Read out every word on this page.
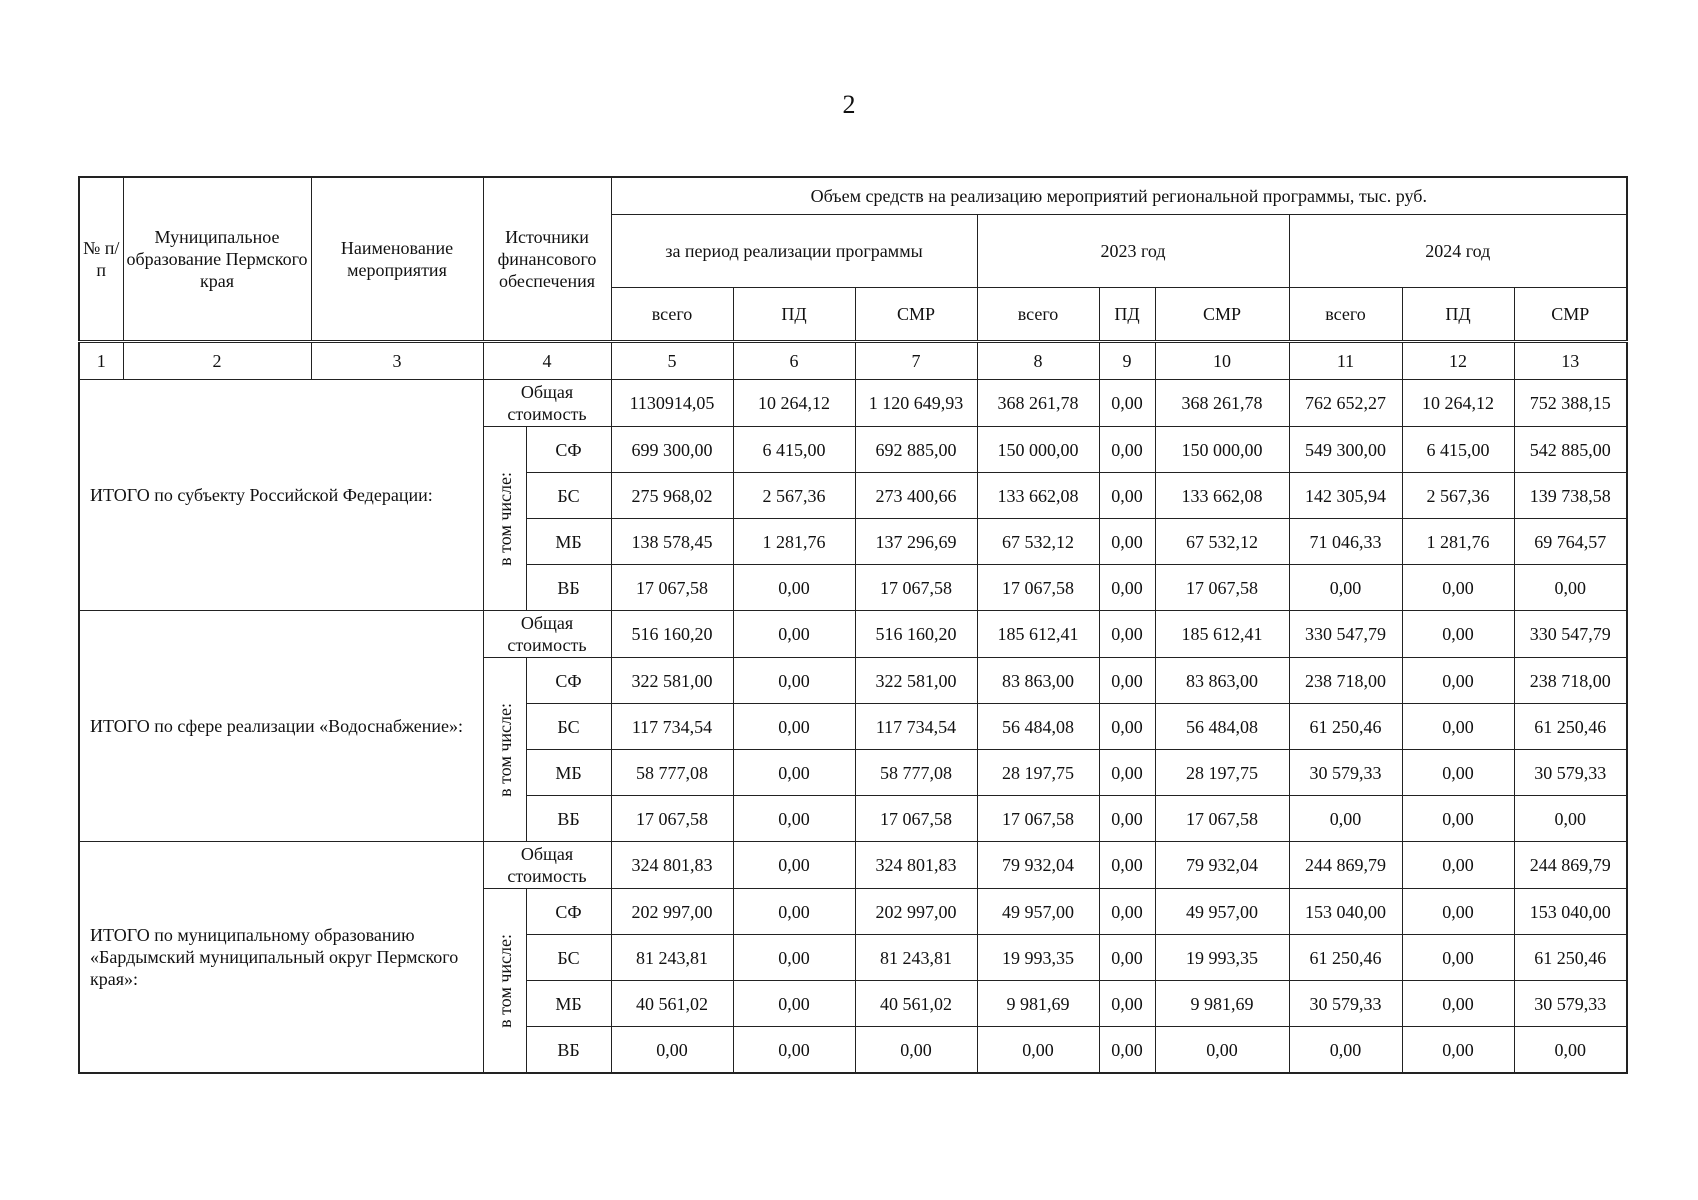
2
№ п/п	Муниципальное образование Пермского края	Наименование мероприятия	Источники финансового обеспечения		Объем средств на реализацию мероприятий региональной программы, тыс. руб.								
					за период реализации программы			2023 год			2024 год		
					всего	ПД	СМР	всего	ПД	СМР	всего	ПД	СМР
1	2	3	4		5	6	7	8	9	10	11	12	13
ИТОГО по субъекту Российской Федерации:			Общая стоимость		1130914,05	10 264,12	1 120 649,93	368 261,78	0,00	368 261,78	762 652,27	10 264,12	752 388,15

			в том числе:	СФ	699 300,00	6 415,00	692 885,00	150 000,00	0,00	150 000,00	549 300,00	6 415,00	542 885,00
				БС	275 968,02	2 567,36	273 400,66	133 662,08	0,00	133 662,08	142 305,94	2 567,36	139 738,58
				МБ	138 578,45	1 281,76	137 296,69	67 532,12	0,00	67 532,12	71 046,33	1 281,76	69 764,57
				ВБ	17 067,58	0,00	17 067,58	17 067,58	0,00	17 067,58	0,00	0,00	0,00
ИТОГО по сфере реализации «Водоснабжение»:			Общая стоимость		516 160,20	0,00	516 160,20	185 612,41	0,00	185 612,41	330 547,79	0,00	330 547,79

			в том числе:	СФ	322 581,00	0,00	322 581,00	83 863,00	0,00	83 863,00	238 718,00	0,00	238 718,00
				БС	117 734,54	0,00	117 734,54	56 484,08	0,00	56 484,08	61 250,46	0,00	61 250,46
				МБ	58 777,08	0,00	58 777,08	28 197,75	0,00	28 197,75	30 579,33	0,00	30 579,33
				ВБ	17 067,58	0,00	17 067,58	17 067,58	0,00	17 067,58	0,00	0,00	0,00
ИТОГО по муниципальному образованию «Бардымский муниципальный округ Пермского края»:			Общая стоимость		324 801,83	0,00	324 801,83	79 932,04	0,00	79 932,04	244 869,79	0,00	244 869,79

			в том числе:	СФ	202 997,00	0,00	202 997,00	49 957,00	0,00	49 957,00	153 040,00	0,00	153 040,00
				БС	81 243,81	0,00	81 243,81	19 993,35	0,00	19 993,35	61 250,46	0,00	61 250,46
				МБ	40 561,02	0,00	40 561,02	9 981,69	0,00	9 981,69	30 579,33	0,00	30 579,33
				ВБ	0,00	0,00	0,00	0,00	0,00	0,00	0,00	0,00	0,00
